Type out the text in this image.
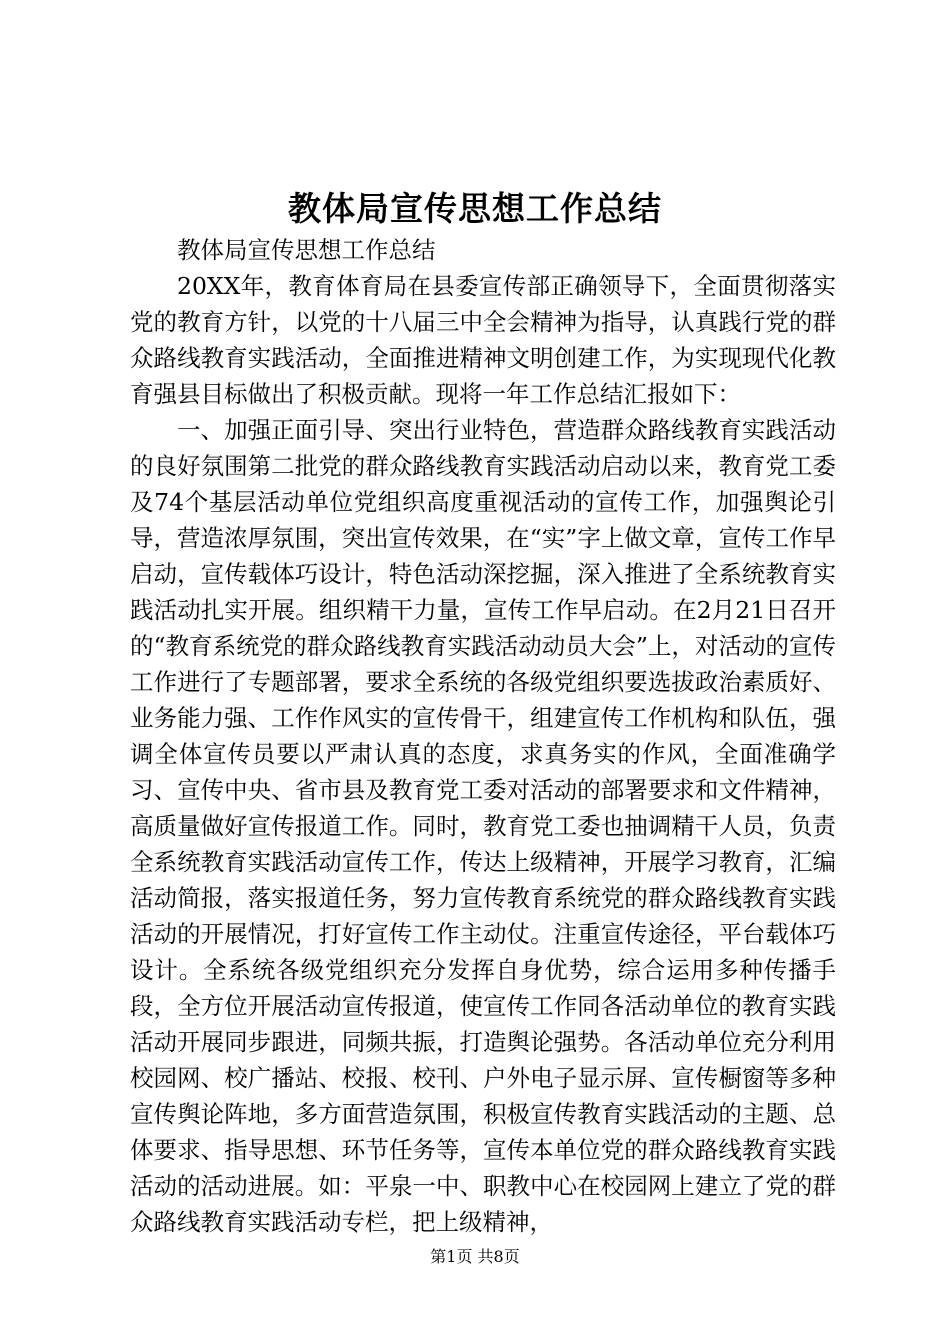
教体局宣传思想工作总结

教体局宣传思想工作总结

20XX年，教育体育局在县委宣传部正确领导下，全面贯彻落实党的教育方针，以党的十八届三中全会精神为指导，认真践行党的群众路线教育实践活动，全面推进精神文明创建工作，为实现现代化教育强县目标做出了积极贡献。现将一年工作总结汇报如下：

一、加强正面引导、突出行业特色，营造群众路线教育实践活动的良好氛围第二批党的群众路线教育实践活动启动以来，教育党工委及74个基层活动单位党组织高度重视活动的宣传工作，加强舆论引导，营造浓厚氛围，突出宣传效果，在“实”字上做文章，宣传工作早启动，宣传载体巧设计，特色活动深挖掘，深入推进了全系统教育实践活动扎实开展。组织精干力量，宣传工作早启动。在2月21日召开的“教育系统党的群众路线教育实践活动动员大会”上，对活动的宣传工作进行了专题部署，要求全系统的各级党组织要选拔政治素质好、业务能力强、工作作风实的宣传骨干，组建宣传工作机构和队伍，强调全体宣传员要以严肃认真的态度，求真务实的作风，全面准确学习、宣传中央、省市县及教育党工委对活动的部署要求和文件精神，高质量做好宣传报道工作。同时，教育党工委也抽调精干人员，负责全系统教育实践活动宣传工作，传达上级精神，开展学习教育，汇编活动简报，落实报道任务，努力宣传教育系统党的群众路线教育实践活动的开展情况，打好宣传工作主动仗。注重宣传途径，平台载体巧设计。全系统各级党组织充分发挥自身优势，综合运用多种传播手段，全方位开展活动宣传报道，使宣传工作同各活动单位的教育实践活动开展同步跟进，同频共振，打造舆论强势。各活动单位充分利用校园网、校广播站、校报、校刊、户外电子显示屏、宣传橱窗等多种宣传舆论阵地，多方面营造氛围，积极宣传教育实践活动的主题、总体要求、指导思想、环节任务等，宣传本单位党的群众路线教育实践活动的活动进展。如：平泉一中、职教中心在校园网上建立了党的群众路线教育实践活动专栏，把上级精神，

第1页 共8页
